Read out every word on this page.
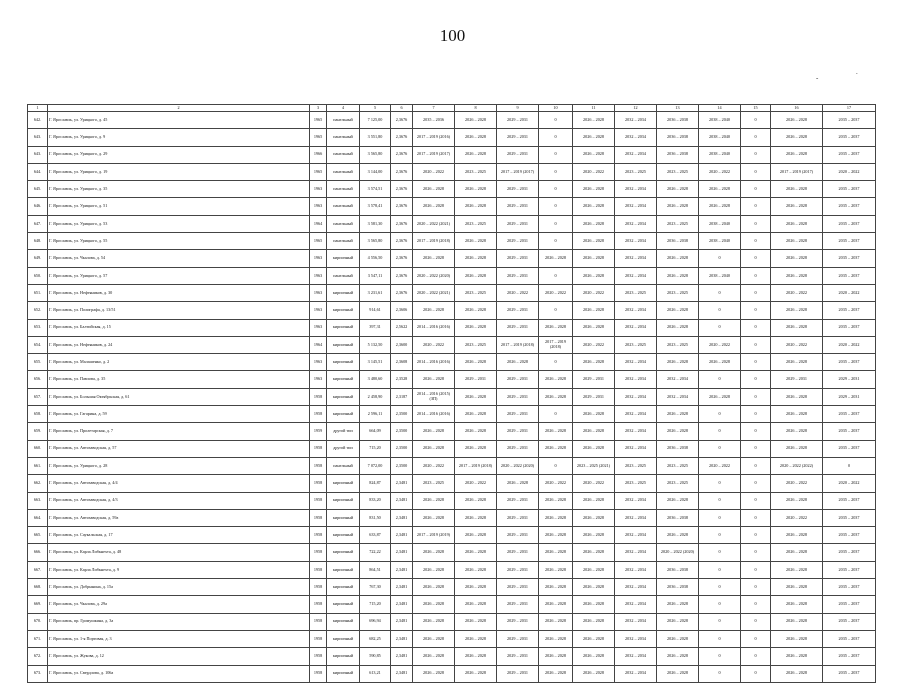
100
-
.
1	2	3	4	5	6	7	8	9	10	11	12	13	14	15	16	17
642.	Г. Ярославль, ул. Урицкого, д. 45	1965	панельный	7 125,00	2,3676	2035 – 2036	2026 – 2028	2029 – 2031	0	2026 – 2028	2032 – 2034	2036 – 2038	2038 – 2040	0	2026 – 2028	2035 – 2037
643.	Г. Ярославль, ул. Урицкого, д. 9	1965	панельный	3 551,80	2,3676	2017 – 2019 (2016)	2026 – 2028	2029 – 2031	0	2026 – 2028	2032 – 2034	2036 – 2038	2038 – 2040	0	2026 – 2028	2035 – 2037
643.	Г. Ярославль, ул. Урицкого, д. 29	1966	панельный	3 565,80	2,3676	2017 – 2019 (2017)	2026 – 2028	2029 – 2031	0	2026 – 2028	2032 – 2034	2036 – 2038	2038 – 2040	0	2026 – 2028	2035 – 2037
644.	Г. Ярославль, ул. Урицкого, д. 19	1965	панельный	3 144,00	2,3676	2020 – 2022	2023 – 2025	2017 – 2019 (2017)	0	2020 – 2022	2023 – 2025	2023 – 2025	2020 – 2022	0	2017 – 2019 (2017)	2020 – 2022
645.	Г. Ярославль, ул. Урицкого, д. 35	1963	панельный	3 574,51	2,3676	2026 – 2028	2026 – 2028	2029 – 2031	0	2026 – 2028	2032 – 2034	2026 – 2028	2026 – 2028	0	2026 – 2028	2035 – 2037
646.	Г. Ярославль, ул. Урицкого, д. 51	1963	панельный	3 578,41	2,3676	2026 – 2028	2026 – 2028	2029 – 2031	0	2026 – 2028	2032 – 2034	2026 – 2028	2026 – 2028	0	2026 – 2028	2035 – 2037
647.	Г. Ярославль, ул. Урицкого, д. 53	1964	панельный	3 581,30	2,3676	2020 – 2022 (2021)	2023 – 2025	2029 – 2031	0	2026 – 2028	2032 – 2034	2023 – 2025	2038 – 2040	0	2026 – 2028	2035 – 2037
648.	Г. Ярославль, ул. Урицкого, д. 55	1965	панельный	3 565,80	2,3676	2017 – 2019 (2018)	2026 – 2028	2029 – 2031	0	2026 – 2028	2032 – 2034	2036 – 2038	2038 – 2040	0	2026 – 2028	2035 – 2037
649.	Г. Ярославль, ул. Чкалова, д. 54	1963	кирпичный	4 556,50	2,3676	2026 – 2028	2026 – 2028	2029 – 2031	2026 – 2028	2026 – 2028	2032 – 2034	2026 – 2028	0	0	2026 – 2028	2035 – 2037
650.	Г. Ярославль, ул. Урицкого, д. 57	1963	панельный	3 547,11	2,3676	2020 – 2022 (2020)	2026 – 2028	2029 – 2031	0	2026 – 2028	2032 – 2034	2026 – 2028	2038 – 2040	0	2026 – 2028	2035 – 2037
651.	Г. Ярославль, ул. Нефтяников, д. 30	1963	кирпичный	3 231,61	2,3676	2020 – 2022 (2021)	2023 – 2025	2020 – 2022	2020 – 2022	2020 – 2022	2023 – 2025	2023 – 2025	0	0	2020 – 2022	2020 – 2022
652.	Г. Ярославль, ул. Полиграфа, д. 13/51	1963	кирпичный	914,61	2,3606	2026 – 2028	2026 – 2028	2029 – 2031	0	2026 – 2028	2032 – 2034	2026 – 2028	0	0	2026 – 2028	2035 – 2037
653.	Г. Ярославль, ул. Балтийская, д. 15	1963	кирпичный	397,31	2,5622	2014 – 2016 (2016)	2026 – 2028	2029 – 2031	2026 – 2028	2026 – 2028	2032 – 2034	2026 – 2028	0	0	2026 – 2028	2035 – 2037
654.	Г. Ярославль, ул. Нефтяников, д. 24	1964	кирпичный	5 132,50	2,3600	2020 – 2022	2023 – 2025	2017 – 2019 (2018)	2017 – 2019 (2018)	2020 – 2022	2023 – 2025	2023 – 2025	2020 – 2022	0	2020 – 2022	2020 – 2022
655.	Г. Ярославль, ул. Малашенко, д. 2	1963	кирпичный	3 145,51	2,3608	2014 – 2016 (2016)	2026 – 2028	2026 – 2028	0	2026 – 2028	2032 – 2034	2026 – 2028	2026 – 2028	0	2026 – 2028	2035 – 2037
656.	Г. Ярославль, ул. Павлова, д. 35	1963	кирпичный	3 480,60	2,3528	2026 – 2028	2029 – 2031	2029 – 2031	2026 – 2028	2029 – 2031	2032 – 2034	2032 – 2034	0	0	2029 – 2031	2029 – 2031
657.	Г. Ярославль, ул. Большая Октябрьская, д. 61	1958	кирпичный	2 458,90	2,3187	2014 – 2016 (2015) (ЗП)	2026 – 2028	2029 – 2031	2026 – 2028	2029 – 2031	2032 – 2034	2032 – 2034	2026 – 2028	0	2026 – 2028	2029 – 2031
658.	Г. Ярославль, ул. Гагарина, д. 59	1958	кирпичный	2 596,11	2,3500	2014 – 2016 (2016)	2026 – 2028	2029 – 2031	0	2026 – 2028	2032 – 2034	2026 – 2028	0	0	2026 – 2028	2035 – 2037
659.	Г. Ярославль, ул. Пролетарская, д. 7	1959	другой тип	664,09	2,3500	2026 – 2028	2026 – 2028	2029 – 2031	2026 – 2028	2026 – 2028	2032 – 2034	2026 – 2028	0	0	2026 – 2028	2035 – 2037
660.	Г. Ярославль, ул. Автозаводская, д. 57	1958	другой тип	715,20	2,3500	2026 – 2028	2026 – 2028	2029 – 2031	2026 – 2028	2026 – 2028	2032 – 2034	2036 – 2038	0	0	2026 – 2028	2035 – 2037
661.	Г. Ярославль, ул. Урицкого, д. 28	1958	панельный	7 072,00	2,3500	2020 – 2022	2017 – 2019 (2018)	2020 – 2022 (2020)	0	2023 – 2025 (2021)	2023 – 2025	2023 – 2025	2020 – 2022	0	2020 – 2022 (2022)	0
662.	Г. Ярославль, ул. Автозаводская, д. 4/4	1958	кирпичный	824,87	2,3481	2023 – 2025	2020 – 2022	2026 – 2028	2020 – 2022	2020 – 2022	2023 – 2025	2023 – 2025	0	0	2020 – 2022	2020 – 2022
663.	Г. Ярославль, ул. Автозаводская, д. 4/3	1958	кирпичный	833,20	2,3481	2026 – 2028	2026 – 2028	2029 – 2031	2026 – 2028	2026 – 2028	2032 – 2034	2026 – 2028	0	0	2026 – 2028	2035 – 2037
664.	Г. Ярославль, ул. Автозаводская, д. 59а	1958	кирпичный	831,50	2,3481	2026 – 2028	2026 – 2028	2029 – 2031	2026 – 2028	2026 – 2028	2032 – 2034	2036 – 2038	0	0	2020 – 2022	2035 – 2037
665.	Г. Ярославль, ул. Саукальская, д. 17	1958	кирпичный	633,87	2,3481	2017 – 2019 (2019)	2026 – 2028	2029 – 2031	2026 – 2028	2026 – 2028	2032 – 2034	2026 – 2028	0	0	2026 – 2028	2035 – 2037
666.	Г. Ярославль, ул. Карла Либкнехта, д. 48	1958	кирпичный	722,22	2,3481	2026 – 2028	2026 – 2028	2029 – 2031	2026 – 2028	2026 – 2028	2032 – 2034	2020 – 2022 (2020)	0	0	2026 – 2028	2035 – 2037
667.	Г. Ярославль, ул. Карла Либкнехта, д. 9	1958	кирпичный	864,51	2,3481	2026 – 2028	2026 – 2028	2029 – 2031	2026 – 2028	2026 – 2028	2032 – 2034	2036 – 2038	0	0	2026 – 2028	2035 – 2037
668.	Г. Ярославль, ул. Добрынина, д. 15а	1958	кирпичный	767,30	2,3481	2026 – 2028	2026 – 2028	2029 – 2031	2026 – 2028	2026 – 2028	2032 – 2034	2036 – 2038	0	0	2026 – 2028	2035 – 2037
669.	Г. Ярославль, ул. Чкалова, д. 29а	1958	кирпичный	715,20	2,3481	2026 – 2028	2026 – 2028	2029 – 2031	2026 – 2028	2026 – 2028	2032 – 2034	2026 – 2028	0	0	2026 – 2028	2035 – 2037
670.	Г. Ярославль, пр. Громушкина, д. 3а	1958	кирпичный	696,94	2,3481	2026 – 2028	2026 – 2028	2029 – 2031	2026 – 2028	2026 – 2028	2032 – 2034	2026 – 2028	0	0	2026 – 2028	2035 – 2037
671.	Г. Ярославль, ул. 1-я Портовая, д. 3	1958	кирпичный	682,25	2,3481	2026 – 2028	2026 – 2028	2029 – 2031	2026 – 2028	2026 – 2028	2032 – 2034	2026 – 2028	0	0	2026 – 2028	2035 – 2037
672.	Г. Ярославль, ул. Жукова, д. 12	1958	кирпичный	590,85	2,3481	2026 – 2028	2026 – 2028	2029 – 2031	2026 – 2028	2026 – 2028	2032 – 2034	2026 – 2028	0	0	2026 – 2028	2035 – 2037
673.	Г. Ярославль, ул. Свердлова, д. 106а	1958	кирпичный	613,21	2,3481	2026 – 2028	2026 – 2028	2029 – 2031	2026 – 2028	2026 – 2028	2032 – 2034	2026 – 2028	0	0	2026 – 2028	2035 – 2037
